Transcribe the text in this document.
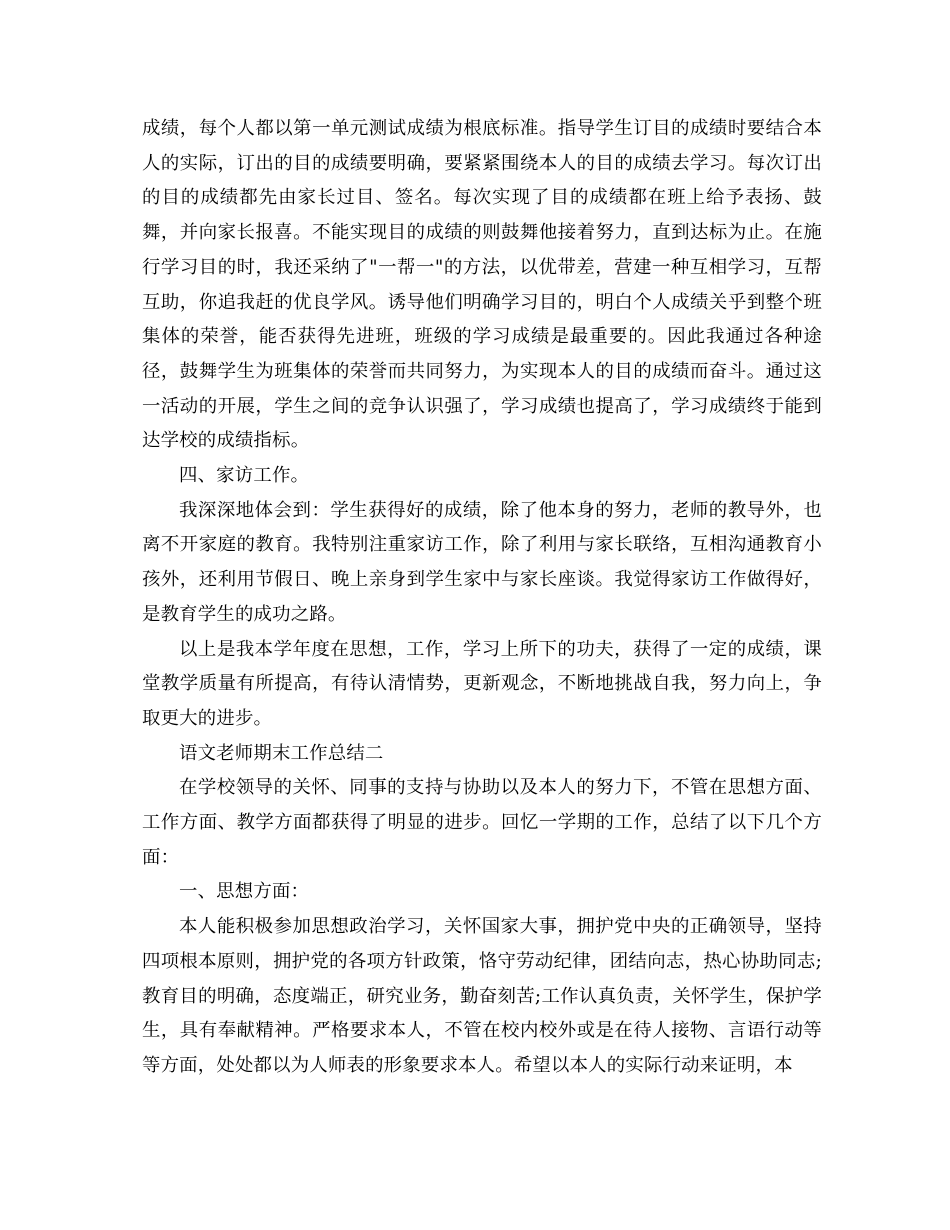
成绩，每个人都以第一单元测试成绩为根底标准。指导学生订目的成绩时要结合本人的实际，订出的目的成绩要明确，要紧紧围绕本人的目的成绩去学习。每次订出的目的成绩都先由家长过目、签名。每次实现了目的成绩都在班上给予表扬、鼓舞，并向家长报喜。不能实现目的成绩的则鼓舞他接着努力，直到达标为止。在施行学习目的时，我还采纳了"一帮一"的方法，以优带差，营建一种互相学习，互帮互助，你追我赶的优良学风。诱导他们明确学习目的，明白个人成绩关乎到整个班集体的荣誉，能否获得先进班，班级的学习成绩是最重要的。因此我通过各种途径，鼓舞学生为班集体的荣誉而共同努力，为实现本人的目的成绩而奋斗。通过这一活动的开展，学生之间的竞争认识强了，学习成绩也提高了，学习成绩终于能到达学校的成绩指标。

四、家访工作。

我深深地体会到：学生获得好的成绩，除了他本身的努力，老师的教导外，也离不开家庭的教育。我特别注重家访工作，除了利用与家长联络，互相沟通教育小孩外，还利用节假日、晚上亲身到学生家中与家长座谈。我觉得家访工作做得好，是教育学生的成功之路。

以上是我本学年度在思想，工作，学习上所下的功夫，获得了一定的成绩，课堂教学质量有所提高，有待认清情势，更新观念，不断地挑战自我，努力向上，争取更大的进步。

语文老师期末工作总结二

在学校领导的关怀、同事的支持与协助以及本人的努力下，不管在思想方面、工作方面、教学方面都获得了明显的进步。回忆一学期的工作，总结了以下几个方面：

一、思想方面：

本人能积极参加思想政治学习，关怀国家大事，拥护党中央的正确领导，坚持四项根本原则，拥护党的各项方针政策，恪守劳动纪律，团结向志，热心协助同志;教育目的明确，态度端正，研究业务，勤奋刻苦;工作认真负责，关怀学生，保护学生，具有奉献精神。严格要求本人，不管在校内校外或是在待人接物、言语行动等等方面，处处都以为人师表的形象要求本人。希望以本人的实际行动来证明，本
